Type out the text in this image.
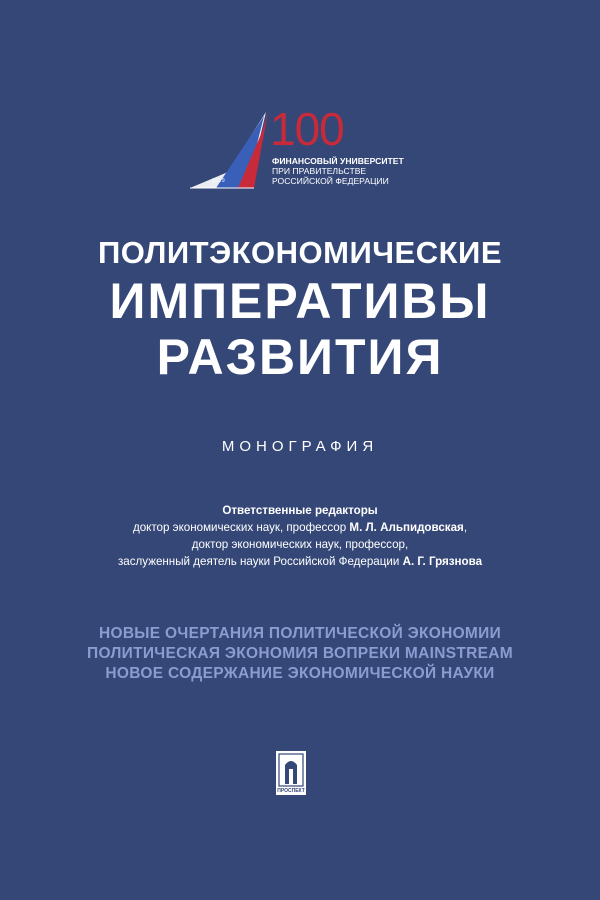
1919
100
ФИНАНСОВЫЙ УНИВЕРСИТЕТ
ПРИ ПРАВИТЕЛЬСТВЕ
РОССИЙСКОЙ ФЕДЕРАЦИИ
ПОЛИТЭКОНОМИЧЕСКИЕ
ИМПЕРАТИВЫ
РАЗВИТИЯ
МОНОГРАФИЯ
Ответственные редакторы
доктор экономических наук, профессор М. Л. Альпидовская,
доктор экономических наук, профессор,
заслуженный деятель науки Российской Федерации А. Г. Грязнова
НОВЫЕ ОЧЕРТАНИЯ ПОЛИТИЧЕСКОЙ ЭКОНОМИИ
ПОЛИТИЧЕСКАЯ ЭКОНОМИЯ ВОПРЕКИ MAINSTREAM
НОВОЕ СОДЕРЖАНИЕ ЭКОНОМИЧЕСКОЙ НАУКИ
ПРОСПЕКТ
